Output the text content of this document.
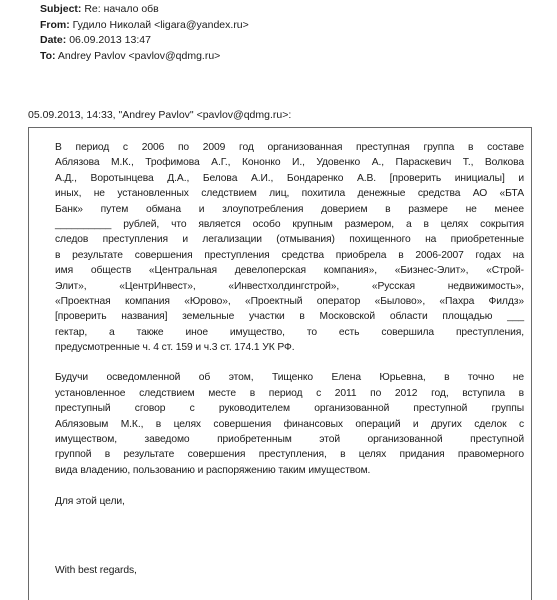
Subject: Re: начало обв
From: Гудило Николай <ligara@yandex.ru>
Date: 06.09.2013 13:47
To: Andrey Pavlov <pavlov@qdmg.ru>
05.09.2013, 14:33, "Andrey Pavlov" <pavlov@qdmg.ru>:
В период с 2006 по 2009 год организованная преступная группа в составе
Аблязова М.К., Трофимова А.Г., Кононко И., Удовенко А., Параскевич Т., Волкова
А.Д., Воротынцева Д.А., Белова А.И., Бондаренко А.В. [проверить инициалы] и
иных, не установленных следствием лиц, похитила денежные средства АО «БТА
Банк» путем обмана и злоупотребления доверием в размере не менее
__________ рублей, что является особо крупным размером, а в целях сокрытия
следов преступления и легализации (отмывания) похищенного на приобретенные
в результате совершения преступления средства приобрела в 2006-2007 годах на
имя обществ «Центральная девелоперская компания», «Бизнес-Элит», «Строй-
Элит», «ЦентрИнвест», «Инвестхолдингстрой», «Русская недвижимость»,
«Проектная компания «Юрово», «Проектный оператор «Былово», «Пахра Филдз»
[проверить названия] земельные участки в Московской области площадью ___
гектар, а также иное имущество, то есть совершила преступления,
предусмотренные ч. 4 ст. 159 и ч.3 ст. 174.1 УК РФ.
Будучи осведомленной об этом, Тищенко Елена Юрьевна, в точно не
установленное следствием месте в период с 2011 по 2012 год, вступила в
преступный сговор с руководителем организованной преступной группы
Аблязовым М.К., в целях совершения финансовых операций и других сделок с
имуществом, заведомо приобретенным этой организованной преступной
группой в результате совершения преступления, в целях придания правомерного
вида владению, пользованию и распоряжению таким имуществом.
Для этой цели,
With best regards,
